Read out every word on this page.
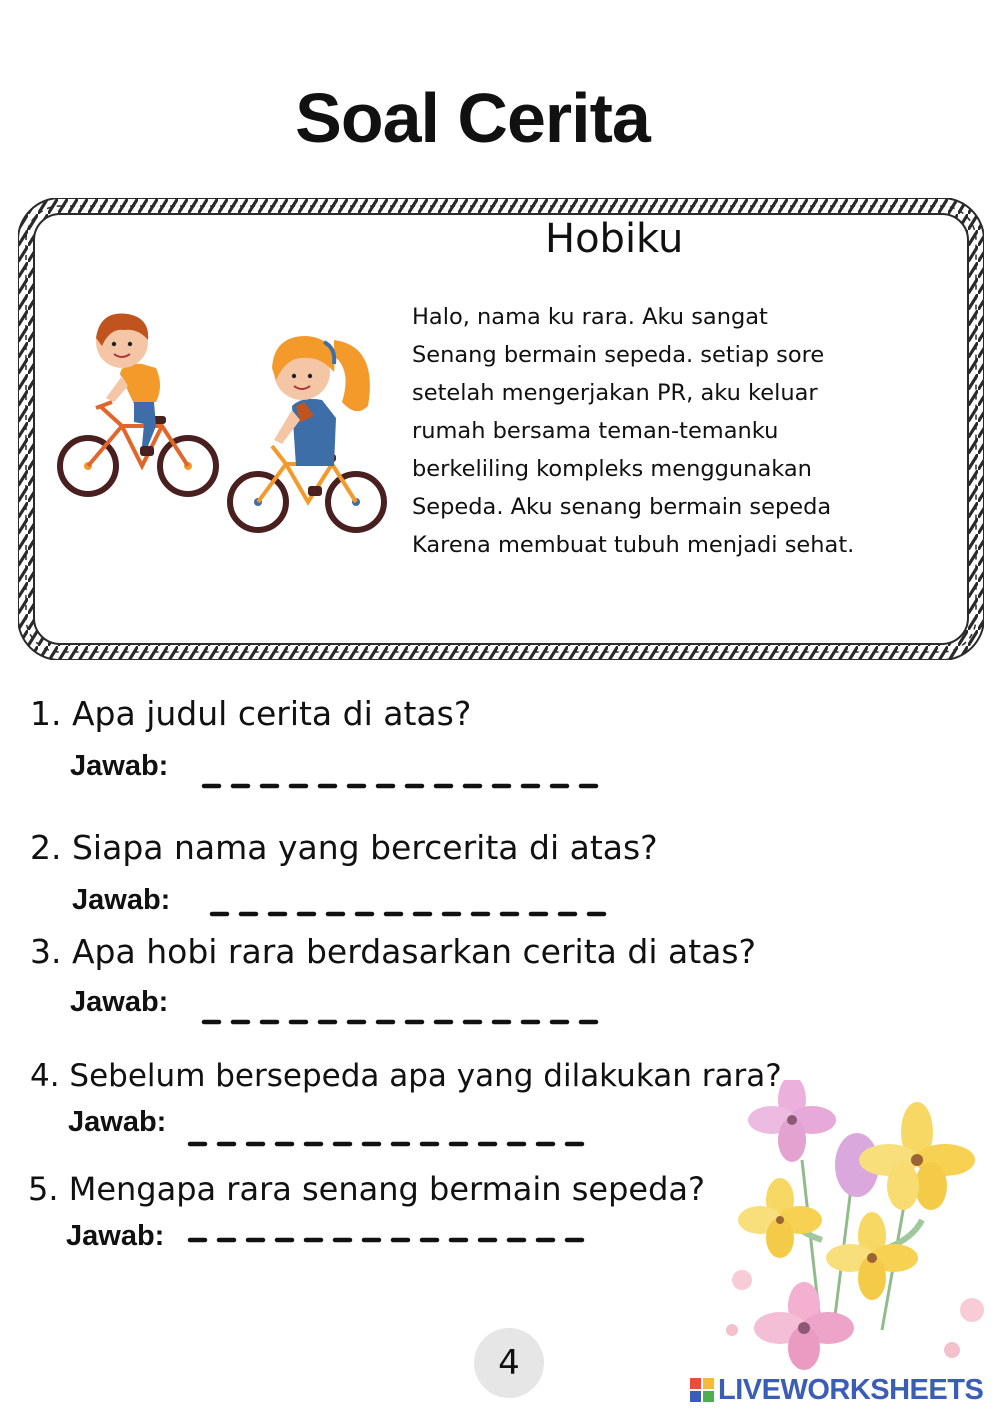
Soal Cerita
Hobiku
Halo, nama ku rara. Aku sangat
Senang bermain sepeda. setiap sore
setelah mengerjakan PR, aku keluar
rumah bersama teman-temanku
berkeliling kompleks menggunakan
Sepeda. Aku senang bermain sepeda
Karena membuat tubuh menjadi sehat.
1. Apa judul cerita di atas?
Jawab:
2. Siapa nama yang bercerita di atas?
Jawab:
3. Apa hobi rara berdasarkan cerita di atas?
Jawab:
4. Sebelum bersepeda apa yang dilakukan rara?
Jawab:
5. Mengapa rara senang bermain sepeda?
Jawab:
4
LIVEWORKSHEETS
